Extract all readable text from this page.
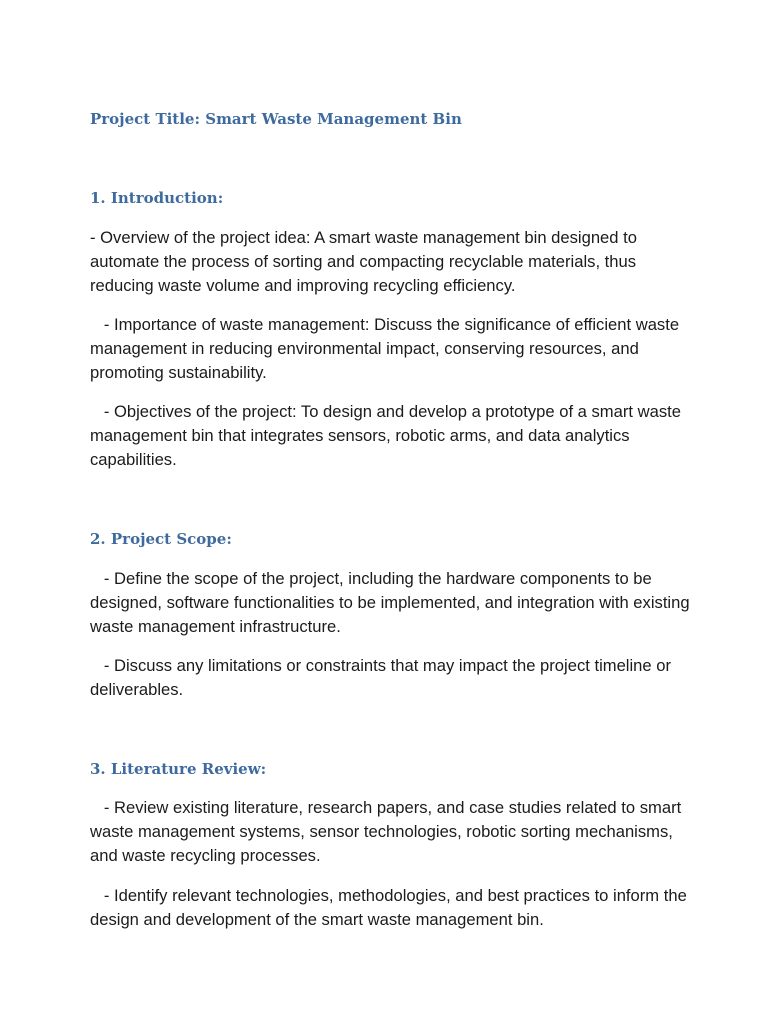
Project Title: Smart Waste Management Bin
1. Introduction:

- Overview of the project idea: A smart waste management bin designed to automate the process of sorting and compacting recyclable materials, thus reducing waste volume and improving recycling efficiency.

- Importance of waste management: Discuss the significance of efficient waste management in reducing environmental impact, conserving resources, and promoting sustainability.

- Objectives of the project: To design and develop a prototype of a smart waste management bin that integrates sensors, robotic arms, and data analytics capabilities.

2. Project Scope:

- Define the scope of the project, including the hardware components to be designed, software functionalities to be implemented, and integration with existing waste management infrastructure.

- Discuss any limitations or constraints that may impact the project timeline or deliverables.

3. Literature Review:

- Review existing literature, research papers, and case studies related to smart waste management systems, sensor technologies, robotic sorting mechanisms, and waste recycling processes.

- Identify relevant technologies, methodologies, and best practices to inform the design and development of the smart waste management bin.
